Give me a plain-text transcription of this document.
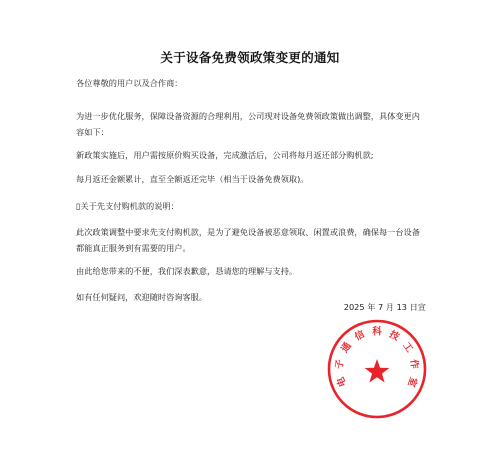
关于设备免费领政策变更的通知
各位尊敬的用户以及合作商：
为进一步优化服务，保障设备资源的合理利用，公司现对设备免费领政策做出调整，具体变更内容如下：
新政策实施后，用户需按原价购买设备，完成激活后，公司将每月返还部分购机款;
每月返还金额累计，直至全额返还完毕（相当于设备免费领取)。
▯关于先支付购机款的说明：
此次政策调整中要求先支付购机款，是为了避免设备被恶意领取、闲置或浪费，确保每一台设备都能真正服务到有需要的用户。
由此给您带来的不便，我们深表歉意，恳请您的理解与支持。
如有任何疑问，欢迎随时咨询客服。
2025 年 7 月 13 日宣
电
子
通
信 科 技
工
作
室
